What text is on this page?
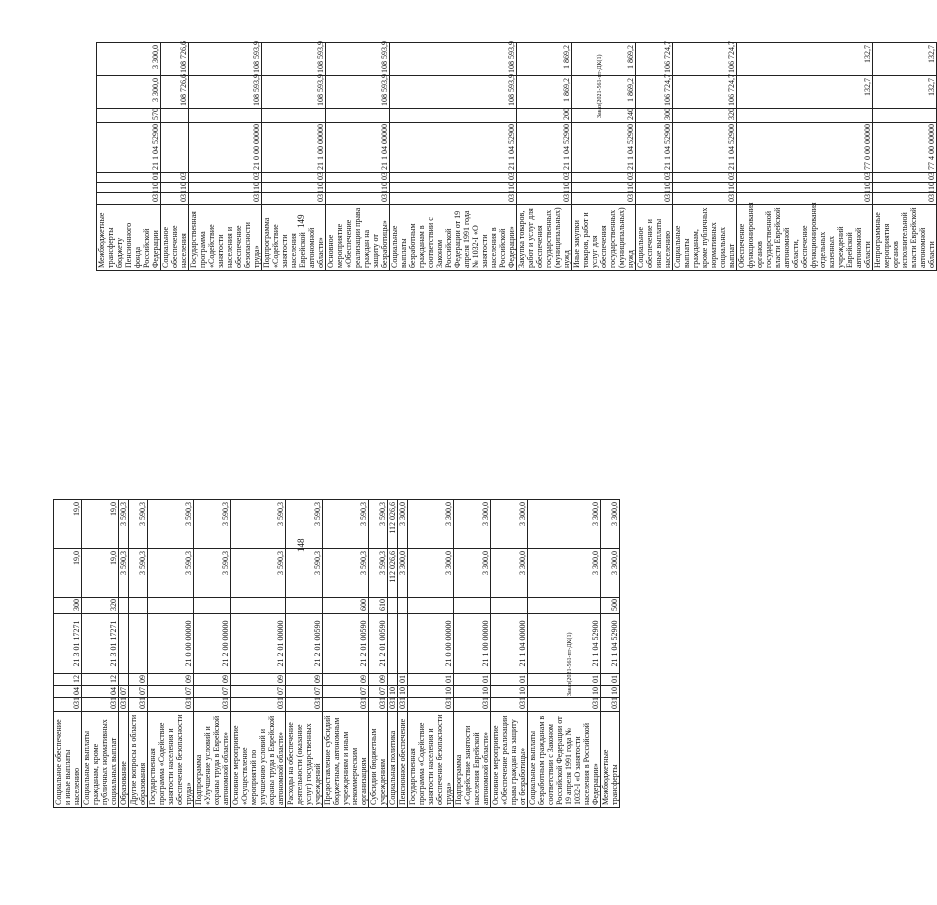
Социальное обеспечение и иные выплаты населению	031	04	12	21 3 01 17271	300	19,0	19,0
Социальные выплаты гражданам, кроме публичных нормативных социальных выплат	031	04	12	21 3 01 17271	320	19,0	19,0
Образование	031	07				3 590,3	3 590,3
Другие вопросы в области образования	031	07	09			3 590,3	3 590,3
Государственная программа «Содействие занятости населения и обеспечение безопасности труда»	031	07	09	21 0 00 00000		3 590,3	3 590,3
Подпрограмма «Улучшение условий и охраны труда в Еврейской автономной области»	031	07	09	21 2 00 00000		3 590,3	3 590,3
Основное мероприятие «Осуществление мероприятий по улучшению условий и охраны труда в Еврейской автономной области»	031	07	09	21 2 01 00000		3 590,3	3 590,3
Расходы на обеспечение деятельности (оказание услуг) государственных учреждений	031	07	09	21 2 01 00590		3 590,3	3 590,3
Предоставление субсидий бюджетным, автономным учреждениям и иным некоммерческим организациям	031	07	09	21 2 01 00590	600	3 590,3	3 590,3
Субсидии бюджетным учреждениям	031	07	09	21 2 01 00590	610	3 590,3	3 590,3
Социальная политика	031	10				112 026,6	112 026,6
Пенсионное обеспечение	031	10	01			3 300,0	3 300,0
Государственная программа «Содействие занятости населения и обеспечение безопасности труда»	031	10	01	21 0 00 00000		3 300,0	3 300,0
Подпрограмма «Содействие занятости населения Еврейской автономной области»	031	10	01	21 1 00 00000		3 300,0	3 300,0
Основное мероприятие «Обеспечение реализации права граждан на защиту от безработицы»	031	10	01	21 1 04 00000		3 300,0	3 300,0
Социальные выплаты безработным гражданам в соответствии с Законом Российской Федерации от 19 апреля 1991 года № 1032-I «О занятости населения в Российской Федерации»	031	10	01	21 1 04 52900		3 300,0	3 300,0
Межбюджетные трансферты	031	10	01	21 1 04 52900	500	3 300,0	3 300,0
148
Заказ(2021-561-пт-ДК(1)
Межбюджетные трансферты бюджету Пенсионного фонда Российской Федерации	031	10	01	21 1 04 52900	570	3 300,0	3 300,0
Социальное обеспечение населения	031	10	03			108 726,6	108 726,6
Государственная программа «Содействие занятости населения и обеспечение безопасности труда»	031	10	03	21 0 00 00000		108 593,9	108 593,9
Подпрограмма «Содействие занятости населения Еврейской автономной области»	031	10	03	21 1 00 00000		108 593,9	108 593,9
Основное мероприятие «Обеспечение реализации права граждан на защиту от безработицы»	031	10	03	21 1 04 00000		108 593,9	108 593,9
Социальные выплаты безработным гражданам в соответствии с Законом Российской Федерации от 19 апреля 1991 года № 1032-I «О занятости населения в Российской Федерации»	031	10	03	21 1 04 52900		108 593,9	108 593,9
Закупка товаров, работ и услуг для обеспечения государственных (муниципальных) нужд	031	10	03	21 1 04 52900	200	1 869,2	1 869,2
Иные закупки товаров, работ и услуг для обеспечения государственных (муниципальных) нужд	031	10	03	21 1 04 52900	240	1 869,2	1 869,2
Социальное обеспечение и иные выплаты населению	031	10	03	21 1 04 52900	300	106 724,7	106 724,7
Социальные выплаты гражданам, кроме публичных нормативных социальных выплат	031	10	03	21 1 04 52900	320	106 724,7	106 724,7
Обеспечение функционирования органов государственной власти Еврейской автономной области, обеспечение функционирования отдельных казенных учреждений Еврейской автономной области	031	10	03	77 0 00 00000		132,7	132,7
Непрограммные мероприятия органов исполнительной власти Еврейской автономной области	031	10	03	77 4 00 00000		132,7	132,7
149
Заказ(2021-561-пт-ДК(1)
